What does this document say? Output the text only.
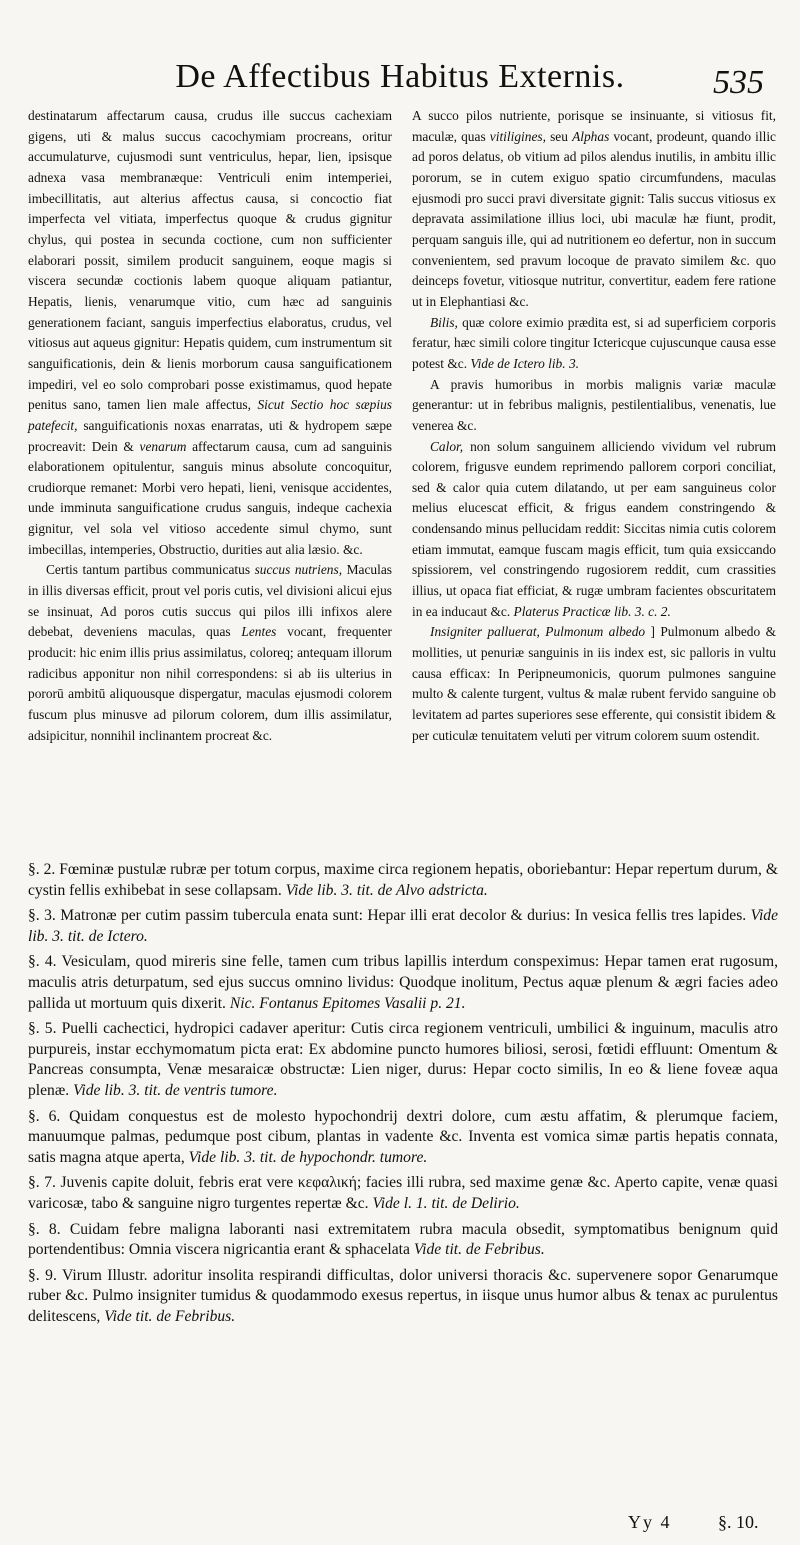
De Affectibus Habitus Externis.	535

destinatarum affectarum causa, crudus ille succus cachexiam gigens, uti & malus succus cacochymiam procreans, oritur accumulaturve, cujusmodi sunt ventriculus, hepar, lien, ipsisque adnexa vasa membranæque: Ventriculi enim intemperiei, imbecillitatis, aut alterius affectus causa, si concoctio fiat imperfecta vel vitiata, imperfectus quoque & crudus gignitur chylus, qui postea in secunda coctione, cum non sufficienter elaborari possit, similem producit sanguinem, eoque magis si viscera secundæ coctionis labem quoque aliquam patiantur, Hepatis, lienis, venarumque vitio, cum hæc ad sanguinis generationem faciant, sanguis imperfectius elaboratus, crudus, vel vitiosus aut aqueus gignitur: Hepatis quidem, cum instrumentum sit sanguificationis, dein & lienis morborum causa sanguificationem impediri, vel eo solo comprobari posse existimamus, quod hepate penitus sano, tamen lien male affectus, Sicut Sectio hoc sæpius patefecit, sanguificationis noxas enarratas, uti & hydropem sæpe procreavit: Dein & venarum affectarum causa, cum ad sanguinis elaborationem opitulentur, sanguis minus absolute concoquitur, crudiorque remanet: Morbi vero hepati, lieni, venisque accidentes, unde imminuta sanguificatione crudus sanguis, indeque cachexia gignitur, vel sola vel vitioso accedente simul chymo, sunt imbecillas, intemperies, Obstructio, durities aut alia læsio. &c.

Certis tantum partibus communicatus succus nutriens, Maculas in illis diversas efficit, prout vel poris cutis, vel divisioni alicui ejus se insinuat, Ad poros cutis succus qui pilos illi infixos alere debebat, deveniens maculas, quas Lentes vocant, frequenter producit: hic enim illis prius assimilatus, coloreq; antequam illorum radicibus apponitur non nihil correspondens: si ab iis ulterius in pororū ambitū aliquousque dispergatur, maculas ejusmodi colorem fuscum plus minusve ad pilorum colorem, dum illis assimilatur, adsipicitur, nonnihil inclinantem procreat &c.

A succo pilos nutriente, porisque se insinuante, si vitiosus fit, maculæ, quas vitiligines, seu Alphas vocant, prodeunt, quando illic ad poros delatus, ob vitium ad pilos alendus inutilis, in ambitu illic pororum, se in cutem exiguo spatio circumfundens, maculas ejusmodi pro succi pravi diversitate gignit: Talis succus vitiosus ex depravata assimilatione illius loci, ubi maculæ hæ fiunt, prodit, perquam sanguis ille, qui ad nutritionem eo defertur, non in succum convenientem, sed pravum locoque de pravato similem &c. quo deinceps fovetur, vitiosque nutritur, convertitur, eadem fere ratione ut in Elephantiasi &c.

Bilis, quæ colore eximio prædita est, si ad superficiem corporis feratur, hæc simili colore tingitur Ictericque cujuscunque causa esse potest &c. Vide de Ictero lib. 3.

A pravis humoribus in morbis malignis variæ maculæ generantur: ut in febribus malignis, pestilentialibus, venenatis, lue venerea &c.

Calor, non solum sanguinem alliciendo vividum vel rubrum colorem, frigusve eundem reprimendo pallorem corpori conciliat, sed & calor quia cutem dilatando, ut per eam sanguineus color melius elucescat efficit, & frigus eandem constringendo & condensando minus pellucidam reddit: Siccitas nimia cutis colorem etiam immutat, eamque fuscam magis efficit, tum quia exsiccando spissiorem, vel constringendo rugosiorem reddit, cum crassities illius, ut opaca fiat efficiat, & rugæ umbram facientes obscuritatem in ea inducaut &c. Platerus Practicæ lib. 3. c. 2.

Insigniter palluerat, Pulmonum albedo ] Pulmonum albedo & mollities, ut penuriæ sanguinis in iis index est, sic palloris in vultu causa efficax: In Peripneumonicis, quorum pulmones sanguine multo & calente turgent, vultus & malæ rubent fervido sanguine ob levitatem ad partes superiores sese efferente, qui consistit ibidem & per cuticulæ tenuitatem veluti per vitrum colorem suum ostendit.

§. 2. Fœminæ pustulæ rubræ per totum corpus, maxime circa regionem hepatis, oboriebantur: Hepar repertum durum, & cystin fellis exhibebat in sese collapsam. Vide lib. 3. tit. de Alvo adstricta.

§. 3. Matronæ per cutim passim tubercula enata sunt: Hepar illi erat decolor & durius: In vesica fellis tres lapides. Vide lib. 3. tit. de Ictero.

§. 4. Vesiculam, quod mireris sine felle, tamen cum tribus lapillis interdum conspeximus: Hepar tamen erat rugosum, maculis atris deturpatum, sed ejus succus omnino lividus: Quodque inolitum, Pectus aquæ plenum & ægri facies adeo pallida ut mortuum quis dixerit. Nic. Fontanus Epitomes Vasalii p. 21.

§. 5. Puelli cachectici, hydropici cadaver aperitur: Cutis circa regionem ventriculi, umbilici & inguinum, maculis atro purpureis, instar ecchymomatum picta erat: Ex abdomine puncto humores biliosi, serosi, fœtidi effluunt: Omentum & Pancreas consumpta, Venæ mesaraicæ obstructæ: Lien niger, durus: Hepar cocto similis, In eo & liene foveæ aqua plenæ. Vide lib. 3. tit. de ventris tumore.

§. 6. Quidam conquestus est de molesto hypochondrij dextri dolore, cum æstu affatim, & plerumque faciem, manuumque palmas, pedumque post cibum, plantas in vadente &c. Inventa est vomica simæ partis hepatis connata, satis magna atque aperta, Vide lib. 3. tit. de hypochondr. tumore.

§. 7. Juvenis capite doluit, febris erat vere κεφαλική; facies illi rubra, sed maxime genæ &c. Aperto capite, venæ quasi varicosæ, tabo & sanguine nigro turgentes repertæ &c. Vide l. 1. tit. de Delirio.

§. 8. Cuidam febre maligna laboranti nasi extremitatem rubra macula obsedit, symptomatibus benignum quid portendentibus: Omnia viscera nigricantia erant & sphacelata Vide tit. de Febribus.

§. 9. Virum Illustr. adoritur insolita respirandi difficultas, dolor universi thoracis &c. supervenere sopor Genarumque ruber &c. Pulmo insigniter tumidus & quodammodo exesus repertus, in iisque unus humor albus & tenax ac purulentus delitescens, Vide tit. de Febribus.

Yy 4	§. 10.
